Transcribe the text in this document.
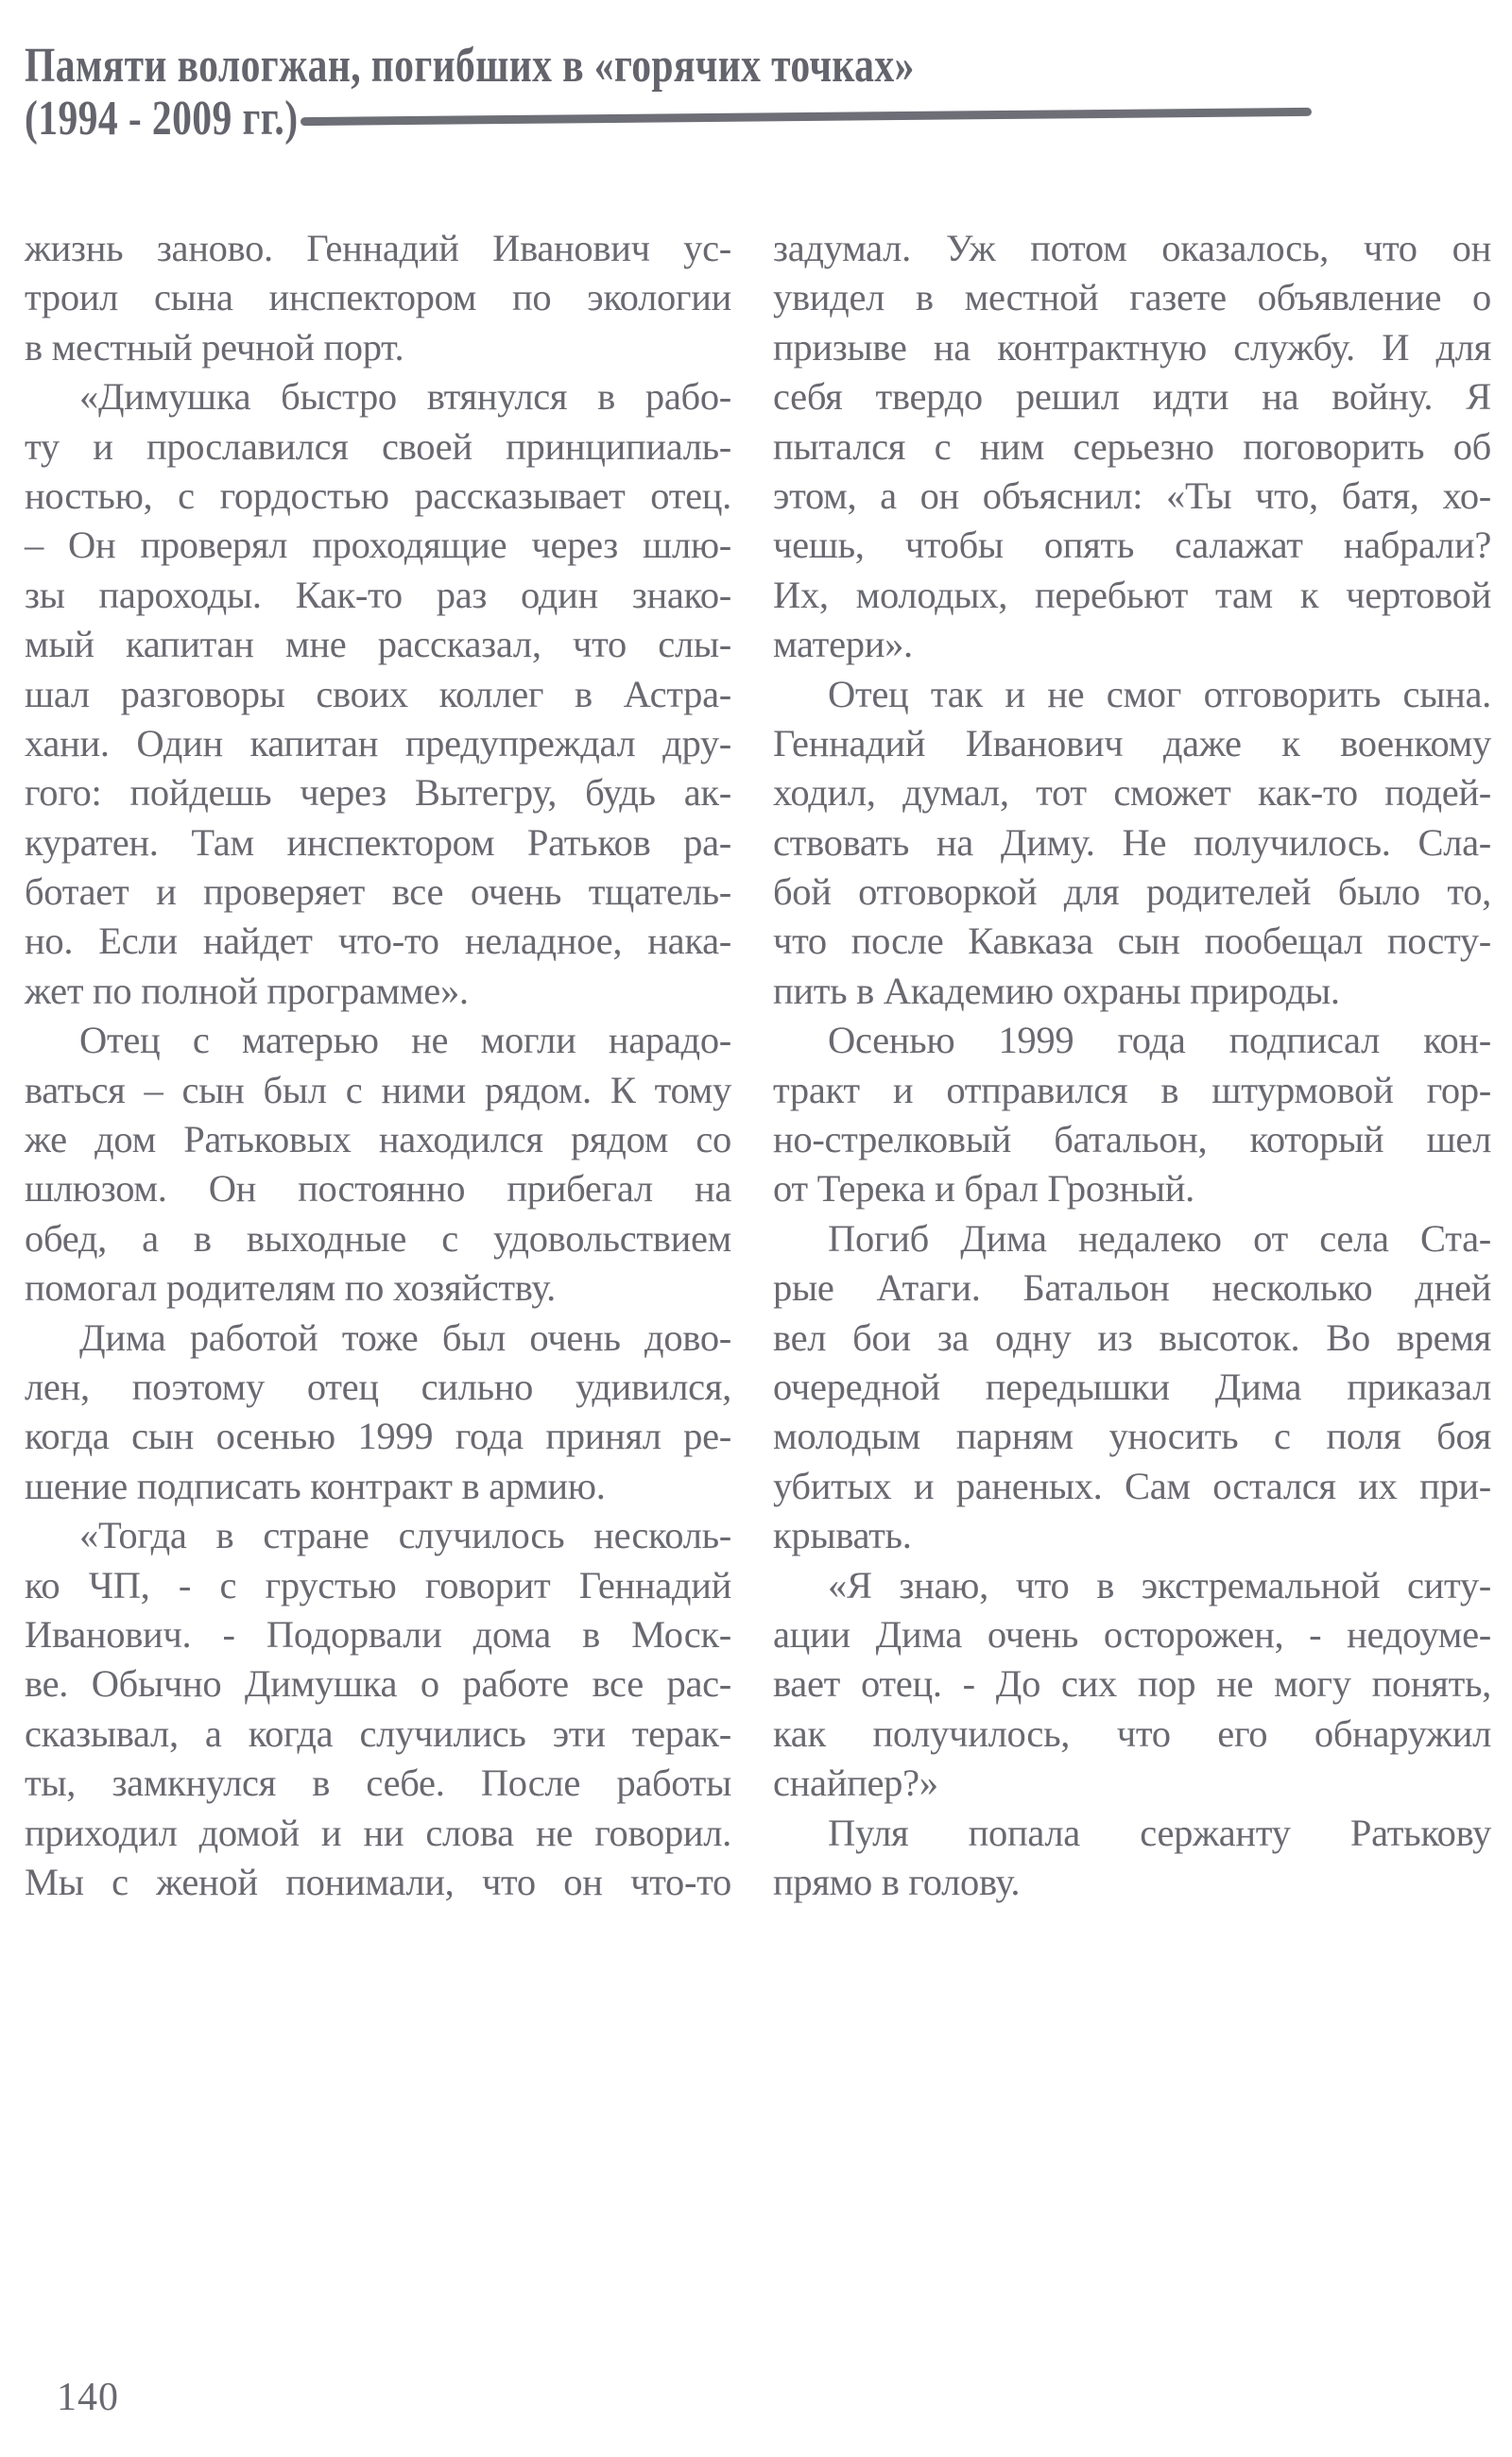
Памяти вологжан, погибших в «горячих точках»
(1994 - 2009 гг.)
жизнь заново. Геннадий Иванович ус-
троил сына инспектором по экологии
в местный речной порт.
«Димушка быстро втянулся в рабо-
ту и прославился своей принципиаль-
ностью, с гордостью рассказывает отец.
– Он проверял проходящие через шлю-
зы пароходы. Как-то раз один знако-
мый капитан мне рассказал, что слы-
шал разговоры своих коллег в Астра-
хани. Один капитан предупреждал дру-
гого: пойдешь через Вытегру, будь ак-
куратен. Там инспектором Ратьков ра-
ботает и проверяет все очень тщатель-
но. Если найдет что-то неладное, нака-
жет по полной программе».
Отец с матерью не могли нарадо-
ваться – сын был с ними рядом. К тому
же дом Ратьковых находился рядом со
шлюзом. Он постоянно прибегал на
обед, а в выходные с удовольствием
помогал родителям по хозяйству.
Дима работой тоже был очень дово-
лен, поэтому отец сильно удивился,
когда сын осенью 1999 года принял ре-
шение подписать контракт в армию.
«Тогда в стране случилось несколь-
ко ЧП, - с грустью говорит Геннадий
Иванович. - Подорвали дома в Моск-
ве. Обычно Димушка о работе все рас-
сказывал, а когда случились эти терак-
ты, замкнулся в себе. После работы
приходил домой и ни слова не говорил.
Мы с женой понимали, что он что-то
задумал. Уж потом оказалось, что он
увидел в местной газете объявление о
призыве на контрактную службу. И для
себя твердо решил идти на войну. Я
пытался с ним серьезно поговорить об
этом, а он объяснил: «Ты что, батя, хо-
чешь, чтобы опять салажат набрали?
Их, молодых, перебьют там к чертовой
матери».
Отец так и не смог отговорить сына.
Геннадий Иванович даже к военкому
ходил, думал, тот сможет как-то подей-
ствовать на Диму. Не получилось. Сла-
бой отговоркой для родителей было то,
что после Кавказа сын пообещал посту-
пить в Академию охраны природы.
Осенью 1999 года подписал кон-
тракт и отправился в штурмовой гор-
но-стрелковый батальон, который шел
от Терека и брал Грозный.
Погиб Дима недалеко от села Ста-
рые Атаги. Батальон несколько дней
вел бои за одну из высоток. Во время
очередной передышки Дима приказал
молодым парням уносить с поля боя
убитых и раненых. Сам остался их при-
крывать.
«Я знаю, что в экстремальной ситу-
ации Дима очень осторожен, - недоуме-
вает отец. - До сих пор не могу понять,
как получилось, что его обнаружил
снайпер?»
Пуля попала сержанту Ратькову
прямо в голову.
140
